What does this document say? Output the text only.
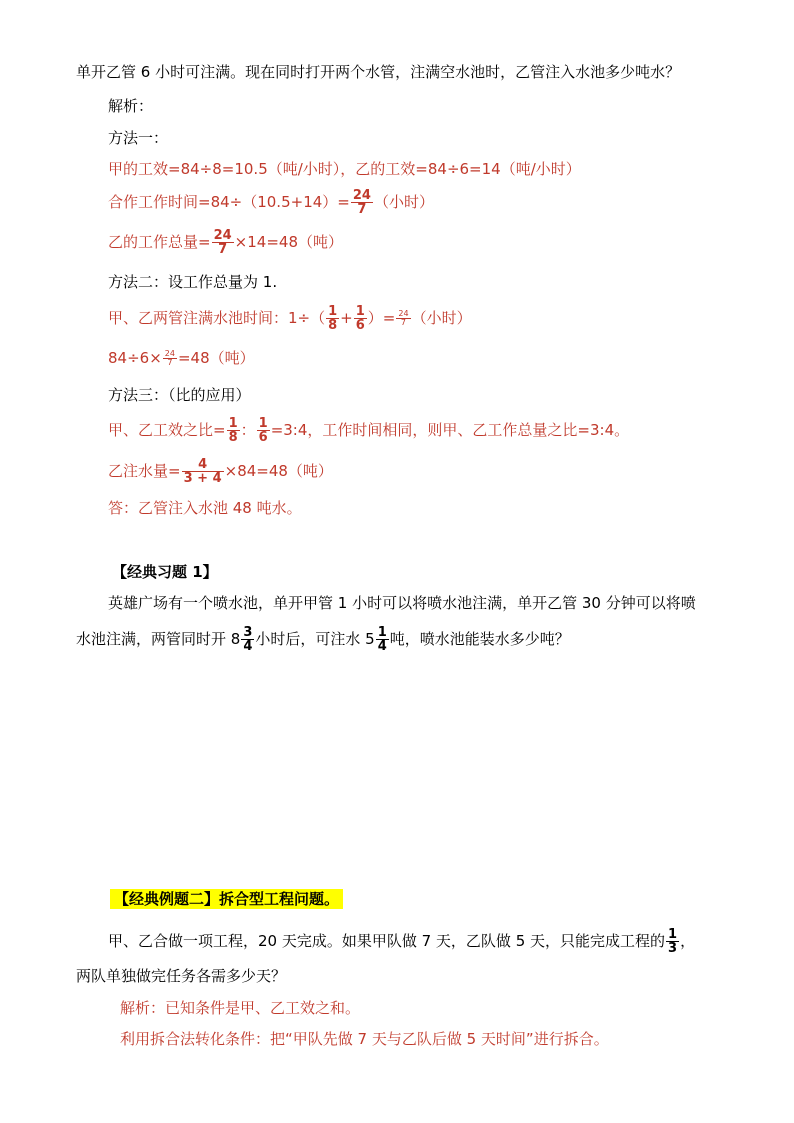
单开乙管 6 小时可注满。现在同时打开两个水管，注满空水池时，乙管注入水池多少吨水？
解析：
方法一：
甲的工效=84÷8=10.5（吨/小时），乙的工效=84÷6=14（吨/小时）
合作工作时间$=84\div(10.5+14)= \frac{24}{7}$ （小时）
乙的工作总量= $\frac{24}{7} \times 14=48$（吨）
方法二：设工作总量为 1.
甲、乙两管注满水池时间：$1\div( \frac{1}{8} + \frac{1}{6}$ ）= $\frac{24}{7}$ （小时）
$84\div 6\times \frac{24}{7} =48$（吨）
方法三：（比的应用）
甲、乙工效之比= $\frac{1}{8}$ ： $\frac{1}{6}$ =3:4，工作时间相同，则甲、乙工作总量之比=3:4。
乙注水量= $\frac{4}{3 + 4} \times 84=48$（吨）
答：乙管注入水池 48 吨水。
【经典习题 1】
英雄广场有一个喷水池，单开甲管 1 小时可以将喷水池注满，单开乙管 30 分钟可以将喷
水池注满，两管同时开 $8 \frac{3}{4}$ 小时后，可注水 $5 \frac{1}{4}$ 吨，喷水池能装水多少吨？
【经典例题二】拆合型工程问题。
甲、乙合做一项工程，20 天完成。如果甲队做 7 天，乙队做 5 天，只能完成工程的 $\frac{1}{3}$ ，
两队单独做完任务各需多少天？
解析：已知条件是甲、乙工效之和。
利用拆合法转化条件：把“甲队先做 7 天与乙队后做 5 天时间”进行拆合。
